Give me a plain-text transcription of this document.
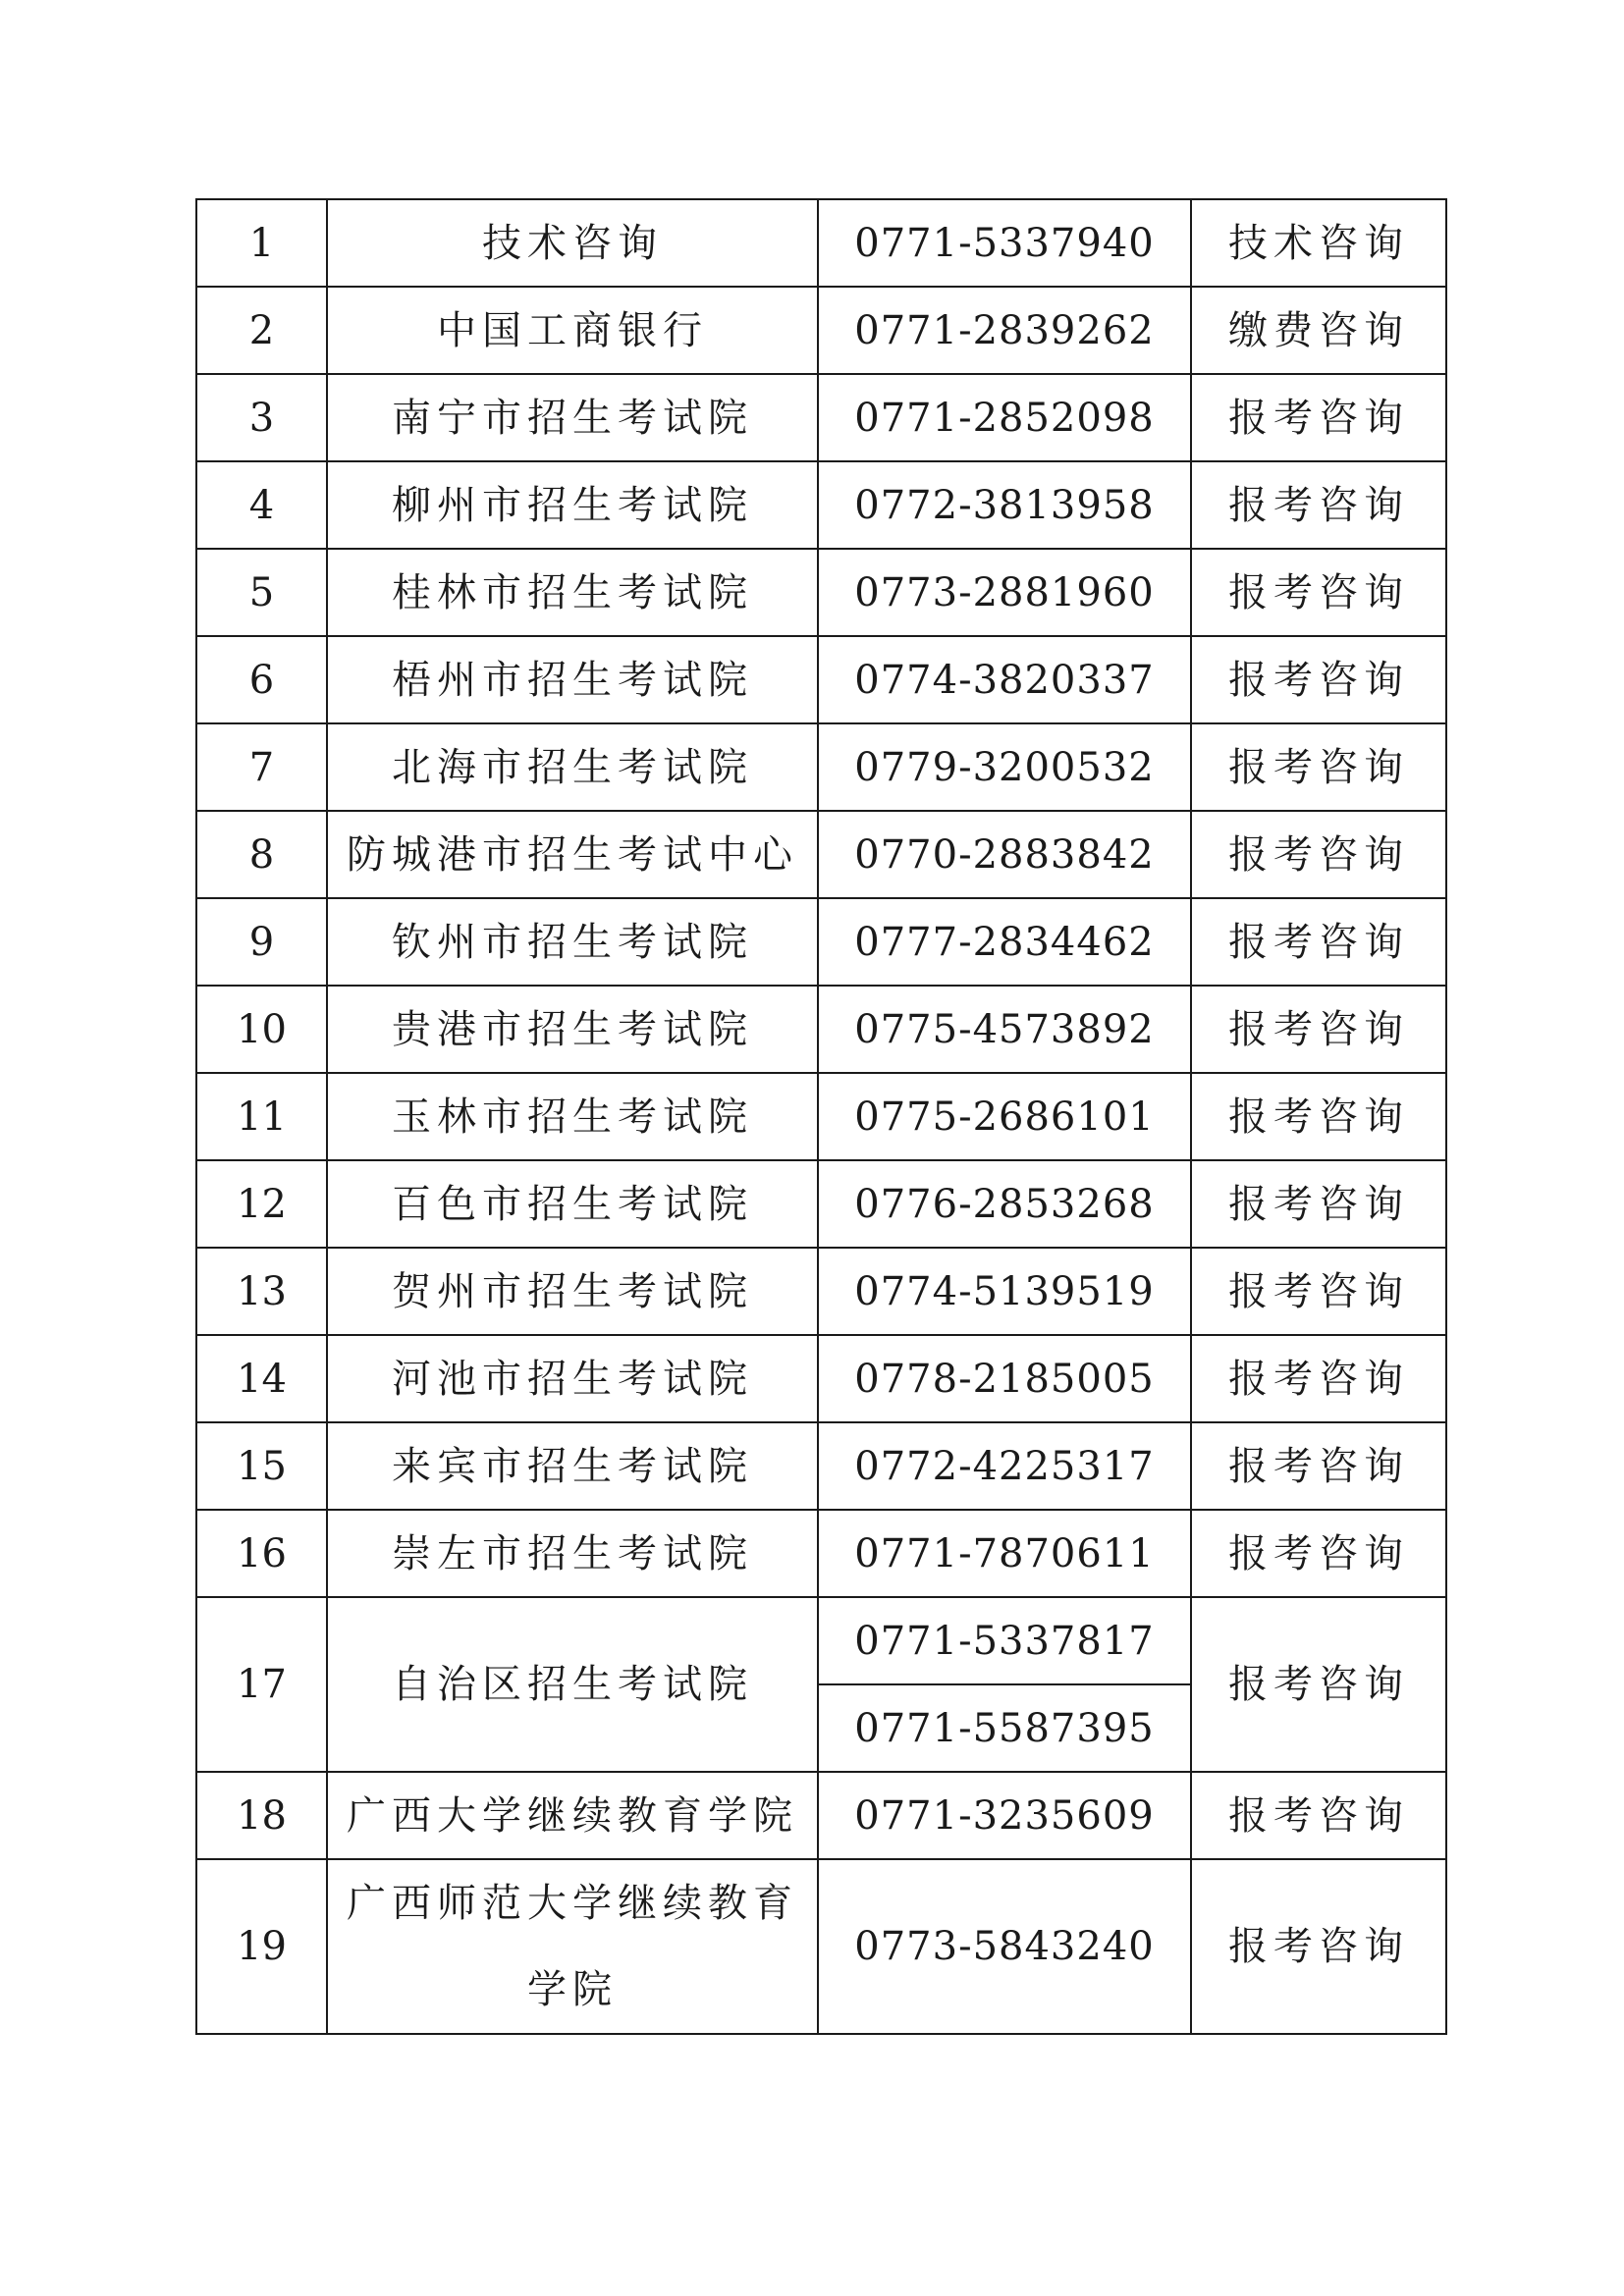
1	技术咨询	0771-5337940	技术咨询
2	中国工商银行	0771-2839262	缴费咨询
3	南宁市招生考试院	0771-2852098	报考咨询
4	柳州市招生考试院	0772-3813958	报考咨询
5	桂林市招生考试院	0773-2881960	报考咨询
6	梧州市招生考试院	0774-3820337	报考咨询
7	北海市招生考试院	0779-3200532	报考咨询
8	防城港市招生考试中心	0770-2883842	报考咨询
9	钦州市招生考试院	0777-2834462	报考咨询
10	贵港市招生考试院	0775-4573892	报考咨询
11	玉林市招生考试院	0775-2686101	报考咨询
12	百色市招生考试院	0776-2853268	报考咨询
13	贺州市招生考试院	0774-5139519	报考咨询
14	河池市招生考试院	0778-2185005	报考咨询
15	来宾市招生考试院	0772-4225317	报考咨询
16	崇左市招生考试院	0771-7870611	报考咨询
17	自治区招生考试院	0771-5337817	报考咨询
		0771-5587395	
18	广西大学继续教育学院	0771-3235609	报考咨询
19	广西师范大学继续教育学院	0773-5843240	报考咨询
